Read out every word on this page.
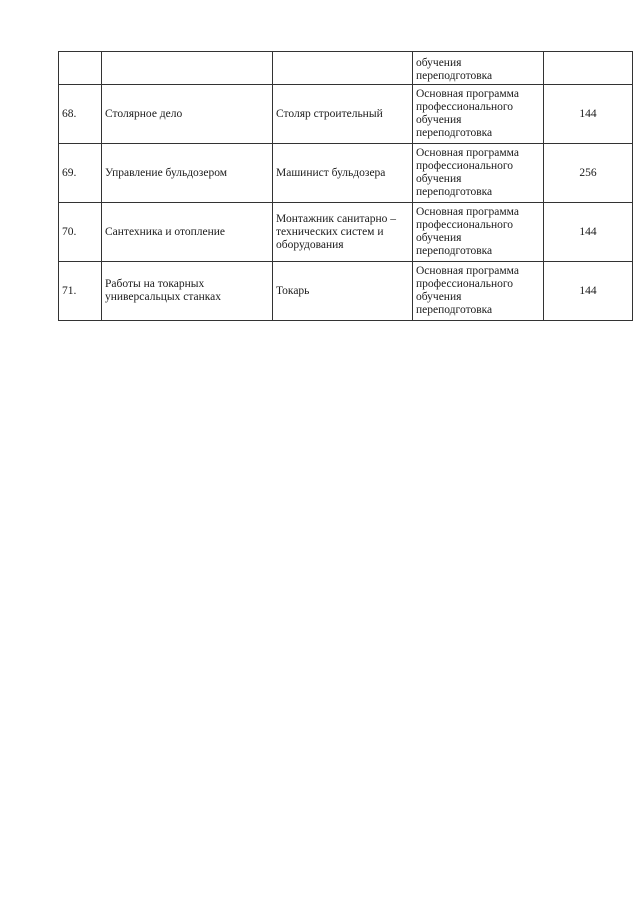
			обучения
переподготовка	

68.	Столярное дело	Столяр строительный	Основная программа
профессионального
обучения
переподготовка	144
69.	Управление бульдозером	Машинист бульдозера	Основная программа
профессионального
обучения
переподготовка	256
70.	Сантехника и отопление	Монтажник санитарно – технических систем и оборудования	Основная программа
профессионального
обучения
переподготовка	144
71.	Работы на токарных универсальцых станках	Токарь	Основная программа
профессионального
обучения
переподготовка	144
